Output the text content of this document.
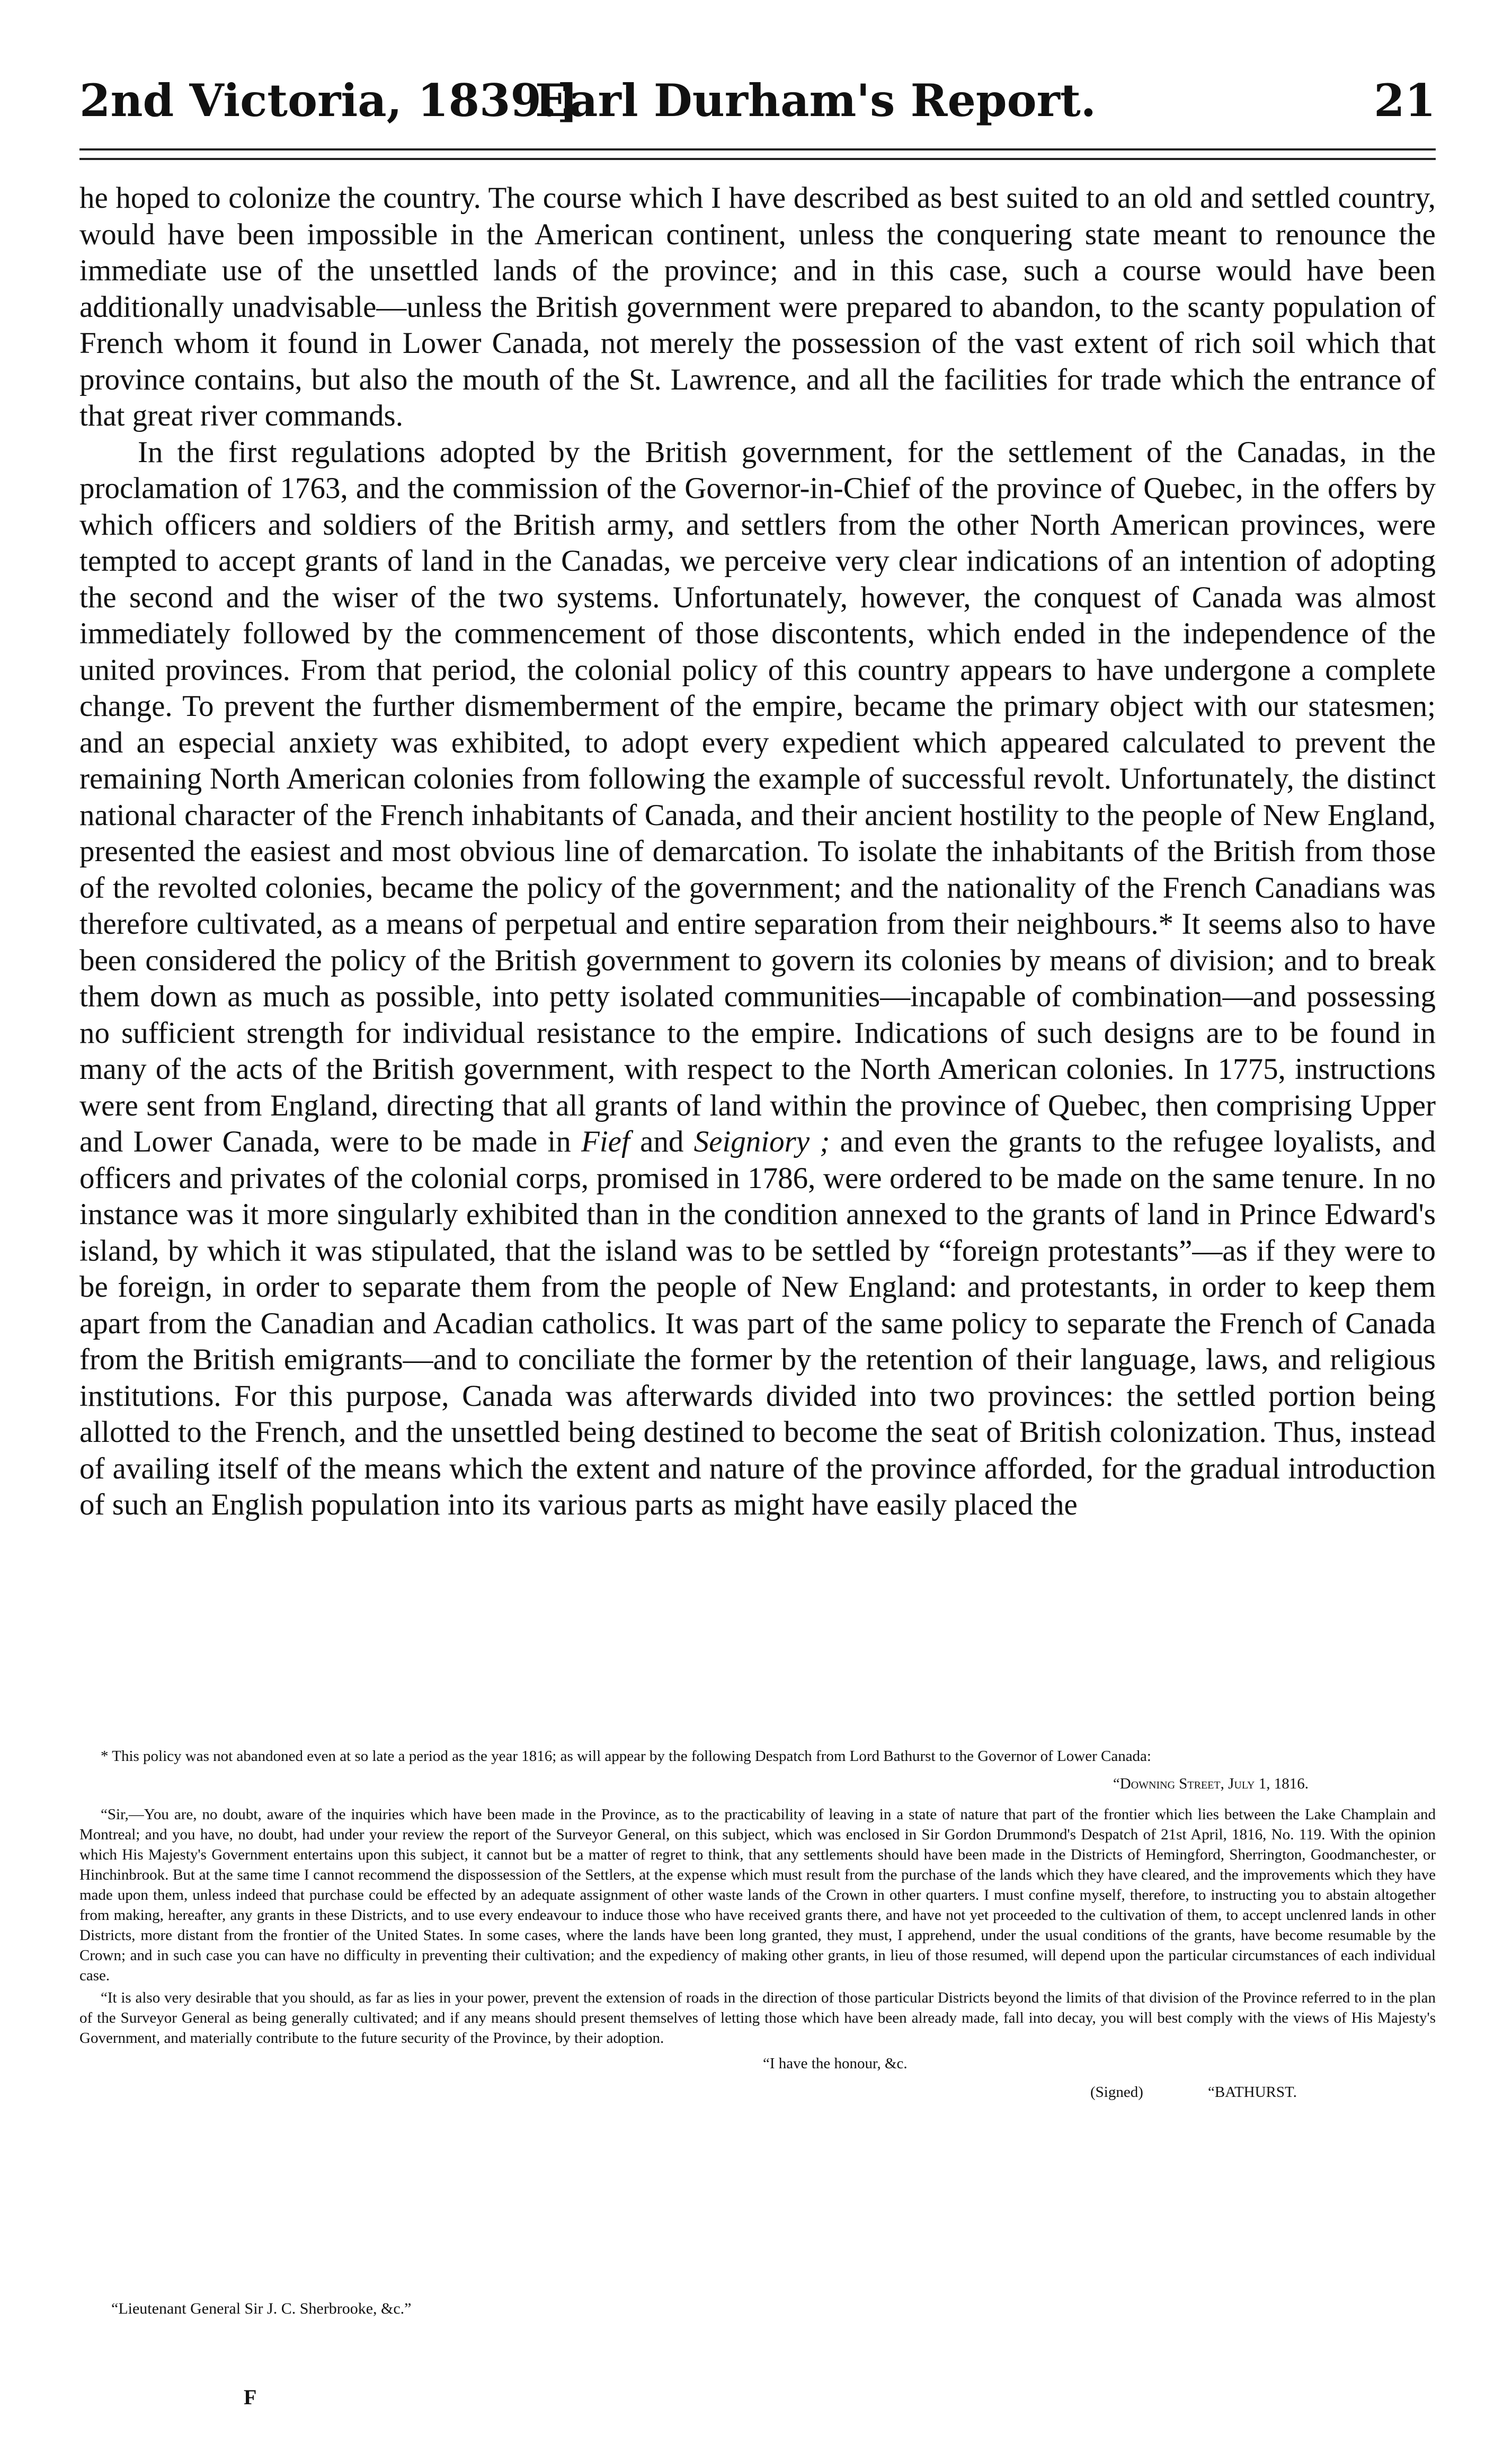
2nd Victoria, 1839.]
Earl Durham's Report.	21

he hoped to colonize the country. The course which I have described as best suited to an old and settled country, would have been impossible in the American continent, unless the conquering state meant to renounce the immediate use of the unsettled lands of the province; and in this case, such a course would have been additionally unadvisable—unless the British government were prepared to abandon, to the scanty population of French whom it found in Lower Canada, not merely the possession of the vast extent of rich soil which that province contains, but also the mouth of the St. Lawrence, and all the facilities for trade which the entrance of that great river commands.

In the first regulations adopted by the British government, for the settlement of the Canadas, in the proclamation of 1763, and the commission of the Governor-in-Chief of the province of Quebec, in the offers by which officers and soldiers of the British army, and settlers from the other North American provinces, were tempted to accept grants of land in the Canadas, we perceive very clear indications of an intention of adopting the second and the wiser of the two systems. Unfortunately, however, the conquest of Canada was almost immediately followed by the commencement of those discontents, which ended in the independence of the united provinces. From that period, the colonial policy of this country appears to have undergone a complete change. To prevent the further dismemberment of the empire, became the primary object with our statesmen; and an especial anxiety was exhibited, to adopt every expedient which appeared calculated to prevent the remaining North American colonies from following the example of successful revolt. Unfortunately, the distinct national character of the French inhabitants of Canada, and their ancient hostility to the people of New England, presented the easiest and most obvious line of demarcation. To isolate the inhabitants of the British from those of the revolted colonies, became the policy of the government; and the nationality of the French Canadians was therefore cultivated, as a means of perpetual and entire separation from their neighbours.* It seems also to have been considered the policy of the British government to govern its colonies by means of division; and to break them down as much as possible, into petty isolated communities—incapable of combination—and possessing no sufficient strength for individual resistance to the empire. Indications of such designs are to be found in many of the acts of the British government, with respect to the North American colonies. In 1775, instructions were sent from England, directing that all grants of land within the province of Quebec, then comprising Upper and Lower Canada, were to be made in Fief and Seigniory ; and even the grants to the refugee loyalists, and officers and privates of the colonial corps, promised in 1786, were ordered to be made on the same tenure. In no instance was it more singularly exhibited than in the condition annexed to the grants of land in Prince Edward's island, by which it was stipulated, that the island was to be settled by “foreign protestants”—as if they were to be foreign, in order to separate them from the people of New England: and protestants, in order to keep them apart from the Canadian and Acadian catholics. It was part of the same policy to separate the French of Canada from the British emigrants—and to conciliate the former by the retention of their language, laws, and religious institutions. For this purpose, Canada was afterwards divided into two provinces: the settled portion being allotted to the French, and the unsettled being destined to become the seat of British colonization. Thus, instead of availing itself of the means which the extent and nature of the province afforded, for the gradual introduction of such an English population into its various parts as might have easily placed the

* This policy was not abandoned even at so late a period as the year 1816; as will appear by the following Despatch from Lord Bathurst to the Governor of Lower Canada:

“Downing Street, July 1, 1816.

“Sir,—You are, no doubt, aware of the inquiries which have been made in the Province, as to the practicability of leaving in a state of nature that part of the frontier which lies between the Lake Champlain and Montreal; and you have, no doubt, had under your review the report of the Surveyor General, on this subject, which was enclosed in Sir Gordon Drummond's Despatch of 21st April, 1816, No. 119. With the opinion which His Majesty's Government entertains upon this subject, it cannot but be a matter of regret to think, that any settlements should have been made in the Districts of Hemingford, Sherrington, Goodmanchester, or Hinchinbrook. But at the same time I cannot recommend the dispossession of the Settlers, at the expense which must result from the purchase of the lands which they have cleared, and the improvements which they have made upon them, unless indeed that purchase could be effected by an adequate assignment of other waste lands of the Crown in other quarters. I must confine myself, therefore, to instructing you to abstain altogether from making, hereafter, any grants in these Districts, and to use every endeavour to induce those who have received grants there, and have not yet proceeded to the cultivation of them, to accept unclenred lands in other Districts, more distant from the frontier of the United States. In some cases, where the lands have been long granted, they must, I apprehend, under the usual conditions of the grants, have become resumable by the Crown; and in such case you can have no difficulty in preventing their cultivation; and the expediency of making other grants, in lieu of those resumed, will depend upon the particular circumstances of each individual case.

“It is also very desirable that you should, as far as lies in your power, prevent the extension of roads in the direction of those particular Districts beyond the limits of that division of the Province referred to in the plan of the Surveyor General as being generally cultivated; and if any means should present themselves of letting those which have been already made, fall into decay, you will best comply with the views of His Majesty's Government, and materially contribute to the future security of the Province, by their adoption.

“I have the honour, &c.

(Signed)	“BATHURST.
“Lieutenant General Sir J. C. Sherbrooke, &c.”
F
